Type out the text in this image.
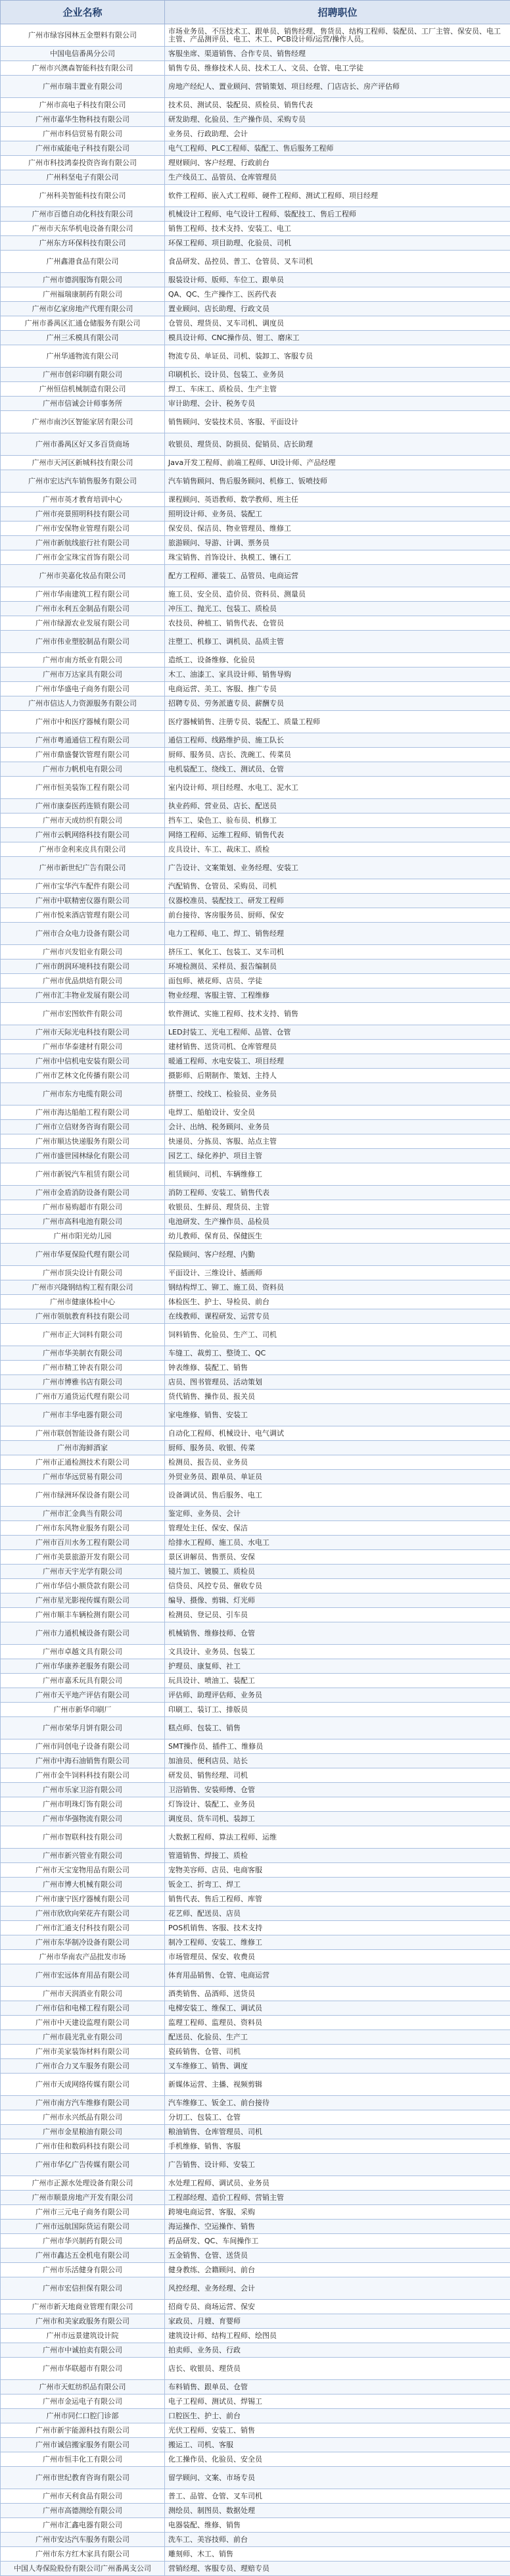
企业名称	招聘职位
广州市绿容园林五金塑料有限公司	市场业务员、不压技术工、跟单员、销售经理、售货员、结构工程师、装配员、工厂主管、保安员、电工主管、产品测评员、电工、木工、PCB设计师/运营/操作人员。
中国电信番禺分公司	客服坐席、渠道销售、合作专员、销售经理
广州市兴澳森智能科技有限公司	销售专员、维修技术人员、技术工人、文员、仓管、电工学徒
广州市瑞丰置业有限公司	房地产经纪人、置业顾问、营销策划、项目经理、门店店长、房产评估师
广州市高电子科技有限公司	技术员、测试员、装配员、质检员、销售代表
广州市嘉华生物科技有限公司	研发助理、化验员、生产操作员、采购专员
广州市科信贸易有限公司	业务员、行政助理、会计
广州市威能电子科技有限公司	电气工程师、PLC工程师、装配工、售后服务工程师
广州市科技鸿泰投资咨询有限公司	理财顾问、客户经理、行政前台
广州科坚电子有限公司	生产线员工、品管员、仓库管理员
广州科美智能科技有限公司	软件工程师、嵌入式工程师、硬件工程师、测试工程师、项目经理
广州市百德自动化科技有限公司	机械设计工程师、电气设计工程师、装配技工、售后工程师
广州市天东华机电设备有限公司	销售工程师、技术支持、安装工、电工
广州东方环保科技有限公司	环保工程师、项目助理、化验员、司机
广州鑫港食品有限公司	食品研发、品控员、普工、仓管员、叉车司机
广州市德润服饰有限公司	服装设计师、版师、车位工、跟单员
广州福瑞康制药有限公司	QA、QC、生产操作工、医药代表
广州市亿家房地产代理有限公司	置业顾问、店长助理、行政文员
广州市番禺区汇通仓储服务有限公司	仓管员、理货员、叉车司机、调度员
广州三禾模具有限公司	模具设计师、CNC操作员、钳工、磨床工
广州华通物流有限公司	物流专员、单证员、司机、装卸工、客服专员
广州市创彩印刷有限公司	印刷机长、设计员、包装工、业务员
广州恒信机械制造有限公司	焊工、车床工、质检员、生产主管
广州市信诚会计师事务所	审计助理、会计、税务专员
广州市南沙区智能家居有限公司	销售顾问、安装技术员、客服、平面设计
广州市番禺区好又多百货商场	收银员、理货员、防损员、促销员、店长助理
广州市天河区新城科技有限公司	Java开发工程师、前端工程师、UI设计师、产品经理
广州市宏达汽车销售服务有限公司	汽车销售顾问、售后服务顾问、机修工、钣喷技师
广州市英才教育培训中心	课程顾问、英语教师、数学教师、班主任
广州市亮景照明科技有限公司	照明设计师、业务员、装配工
广州市安保物业管理有限公司	保安员、保洁员、物业管理员、维修工
广州市新航线旅行社有限公司	旅游顾问、导游、计调、票务员
广州市金宝珠宝首饰有限公司	珠宝销售、首饰设计、执模工、镶石工
广州市美嘉化妆品有限公司	配方工程师、灌装工、品管员、电商运营
广州市华南建筑工程有限公司	施工员、安全员、造价员、资料员、测量员
广州市永利五金制品有限公司	冲压工、抛光工、包装工、质检员
广州市绿源农业发展有限公司	农技员、种植工、销售代表、仓管员
广州市伟业塑胶制品有限公司	注塑工、机修工、调机员、品质主管
广州市南方纸业有限公司	造纸工、设备维修、化验员
广州市万达家具有限公司	木工、油漆工、家具设计师、销售导购
广州市华盛电子商务有限公司	电商运营、美工、客服、推广专员
广州市信达人力资源服务有限公司	招聘专员、劳务派遣专员、薪酬专员
广州市中和医疗器械有限公司	医疗器械销售、注册专员、装配工、质量工程师
广州市粤通通信工程有限公司	通信工程师、线路维护员、施工队长
广州市鼎盛餐饮管理有限公司	厨师、服务员、店长、洗碗工、传菜员
广州市力帆机电有限公司	电机装配工、绕线工、测试员、仓管
广州市恒美装饰工程有限公司	室内设计师、项目经理、水电工、泥水工
广州市康泰医药连锁有限公司	执业药师、营业员、店长、配送员
广州市天成纺织有限公司	挡车工、染色工、验布员、机修工
广州市云帆网络科技有限公司	网络工程师、运维工程师、销售代表
广州市金利来皮具有限公司	皮具设计、车工、裁床工、质检
广州市新世纪广告有限公司	广告设计、文案策划、业务经理、安装工
广州市宝华汽车配件有限公司	汽配销售、仓管员、采购员、司机
广州市中联精密仪器有限公司	仪器校准员、装配技工、研发工程师
广州市悦来酒店管理有限公司	前台接待、客房服务员、厨师、保安
广州市合众电力设备有限公司	电力工程师、电工、焊工、销售经理
广州市兴发铝业有限公司	挤压工、氧化工、包装工、叉车司机
广州市朗润环境科技有限公司	环境检测员、采样员、报告编制员
广州市优品烘焙有限公司	面包师、裱花师、店员、学徒
广州市汇丰物业发展有限公司	物业经理、客服主管、工程维修
广州市宏图软件有限公司	软件测试、实施工程师、技术支持、销售
广州市天际光电科技有限公司	LED封装工、光电工程师、品管、仓管
广州市华泰建材有限公司	建材销售、送货司机、仓库管理员
广州市中信机电安装有限公司	暖通工程师、水电安装工、项目经理
广州市艺林文化传播有限公司	摄影师、后期制作、策划、主持人
广州市东方电缆有限公司	挤塑工、绞线工、检验员、业务员
广州市海达船舶工程有限公司	电焊工、船舶设计、安全员
广州市立信财务咨询有限公司	会计、出纳、税务顾问、业务员
广州市顺达快递服务有限公司	快递员、分拣员、客服、站点主管
广州市盛世园林绿化有限公司	园艺工、绿化养护、项目主管
广州市新锐汽车租赁有限公司	租赁顾问、司机、车辆维修工
广州市金盾消防设备有限公司	消防工程师、安装工、销售代表
广州市易购超市有限公司	收银员、生鲜员、理货员、主管
广州市高科电池有限公司	电池研发、生产操作员、品检员
广州市阳光幼儿园	幼儿教师、保育员、保健医生
广州市华夏保险代理有限公司	保险顾问、客户经理、内勤
广州市顶尖设计有限公司	平面设计、三维设计、插画师
广州市兴隆钢结构工程有限公司	钢结构焊工、铆工、施工员、资料员
广州市健康体检中心	体检医生、护士、导检员、前台
广州市领航教育科技有限公司	在线教师、课程研发、运营专员
广州市正大饲料有限公司	饲料销售、化验员、生产工、司机
广州市华美制衣有限公司	车缝工、裁剪工、整烫工、QC
广州市精工钟表有限公司	钟表维修、装配工、销售
广州市博雅书店有限公司	店员、图书管理员、活动策划
广州市万通货运代理有限公司	货代销售、操作员、报关员
广州市丰华电器有限公司	家电维修、销售、安装工
广州市联创智能设备有限公司	自动化工程师、机械设计、电气调试
广州市海鲜酒家	厨师、服务员、收银、传菜
广州市正通检测技术有限公司	检测员、报告员、业务员
广州市华远贸易有限公司	外贸业务员、跟单员、单证员
广州市绿洲环保设备有限公司	设备调试员、售后服务、电工
广州市汇金典当有限公司	鉴定师、业务员、会计
广州市东风物业服务有限公司	管理处主任、保安、保洁
广州市百川水务工程有限公司	给排水工程师、施工员、水电工
广州市美景旅游开发有限公司	景区讲解员、售票员、安保
广州市天宇光学有限公司	镜片加工、镀膜工、质检员
广州市华信小额贷款有限公司	信贷员、风控专员、催收专员
广州市星光影视传媒有限公司	编导、摄像、剪辑、灯光师
广州市顺丰车辆检测有限公司	检测员、登记员、引车员
广州市力通机械设备有限公司	机械销售、维修技师、仓管
广州市卓越文具有限公司	文具设计、业务员、包装工
广州市华康养老服务有限公司	护理员、康复师、社工
广州市嘉禾玩具有限公司	玩具设计、喷油工、装配工
广州市天平地产评估有限公司	评估师、助理评估师、业务员
广州市新华印刷厂	印刷工、装订工、排版员
广州市荣华月饼有限公司	糕点师、包装工、销售
广州市同创电子设备有限公司	SMT操作员、插件工、维修员
广州市中海石油销售有限公司	加油员、便利店员、站长
广州市金牛饲料科技有限公司	研发员、销售经理、司机
广州市乐家卫浴有限公司	卫浴销售、安装师傅、仓管
广州市明珠灯饰有限公司	灯饰设计、装配工、业务员
广州市华强物流有限公司	调度员、货车司机、装卸工
广州市智联科技有限公司	大数据工程师、算法工程师、运维
广州市新兴管业有限公司	管道销售、焊接工、质检
广州市天宝宠物用品有限公司	宠物美容师、店员、电商客服
广州市博大机械有限公司	钣金工、折弯工、焊工
广州市康宁医疗器械有限公司	销售代表、售后工程师、库管
广州市欣欣向荣花卉有限公司	花艺师、配送员、店员
广州市汇通支付科技有限公司	POS机销售、客服、技术支持
广州市东华制冷设备有限公司	制冷工程师、安装工、维修工
广州市华南农产品批发市场	市场管理员、保安、收费员
广州市宏远体育用品有限公司	体育用品销售、仓管、电商运营
广州市天润酒业有限公司	酒类销售、品酒师、送货员
广州市信和电梯工程有限公司	电梯安装工、维保工、调试员
广州市中天建设监理有限公司	监理工程师、监理员、资料员
广州市晨光乳业有限公司	配送员、化验员、生产工
广州市美家装饰材料有限公司	瓷砖销售、仓管、司机
广州市合力叉车服务有限公司	叉车维修工、销售、调度
广州市天成网络传媒有限公司	新媒体运营、主播、视频剪辑
广州市南方汽车维修有限公司	汽车维修工、钣金工、前台接待
广州市永兴纸品有限公司	分切工、包装工、仓管
广州市金星粮油有限公司	粮油销售、仓库管理员、司机
广州市佳和数码科技有限公司	手机维修、销售、客服
广州市华亿广告传媒有限公司	广告销售、设计师、安装工
广州市正源水处理设备有限公司	水处理工程师、调试员、业务员
广州市顺景房地产开发有限公司	工程部经理、造价工程师、营销主管
广州市三元电子商务有限公司	跨境电商运营、客服、采购
广州市远航国际货运有限公司	海运操作、空运操作、销售
广州市华兴制药有限公司	药品研发、QC、车间操作工
广州市鑫达五金机电有限公司	五金销售、仓管、送货员
广州市乐活健身有限公司	健身教练、会籍顾问、前台
广州市宏信担保有限公司	风控经理、业务经理、会计
广州市新天地商业管理有限公司	招商专员、商场运营、保安
广州市和美家政服务有限公司	家政员、月嫂、育婴师
广州市远景建筑设计院	建筑设计师、结构工程师、绘图员
广州市中诚拍卖有限公司	拍卖师、业务员、行政
广州市华联超市有限公司	店长、收银员、理货员
广州市天虹纺织品有限公司	布料销售、跟单员、仓管
广州市金运电子有限公司	电子工程师、测试员、焊锡工
广州市同仁口腔门诊部	口腔医生、护士、前台
广州市新宇能源科技有限公司	光伏工程师、安装工、销售
广州市诚信搬家服务有限公司	搬运工、司机、客服
广州市恒丰化工有限公司	化工操作员、化验员、安全员
广州市世纪教育咨询有限公司	留学顾问、文案、市场专员
广州市天利食品有限公司	普工、品管、仓管、叉车司机
广州市高德测绘有限公司	测绘员、制图员、数据处理
广州市汇鑫电器有限公司	电器装配、维修、销售
广州市安达汽车服务有限公司	洗车工、美容技师、前台
广州市东方红木家具有限公司	雕刻师、木工、销售
中国人寿保险股份有限公司广州番禺支公司	营销经理、客服专员、理赔专员
